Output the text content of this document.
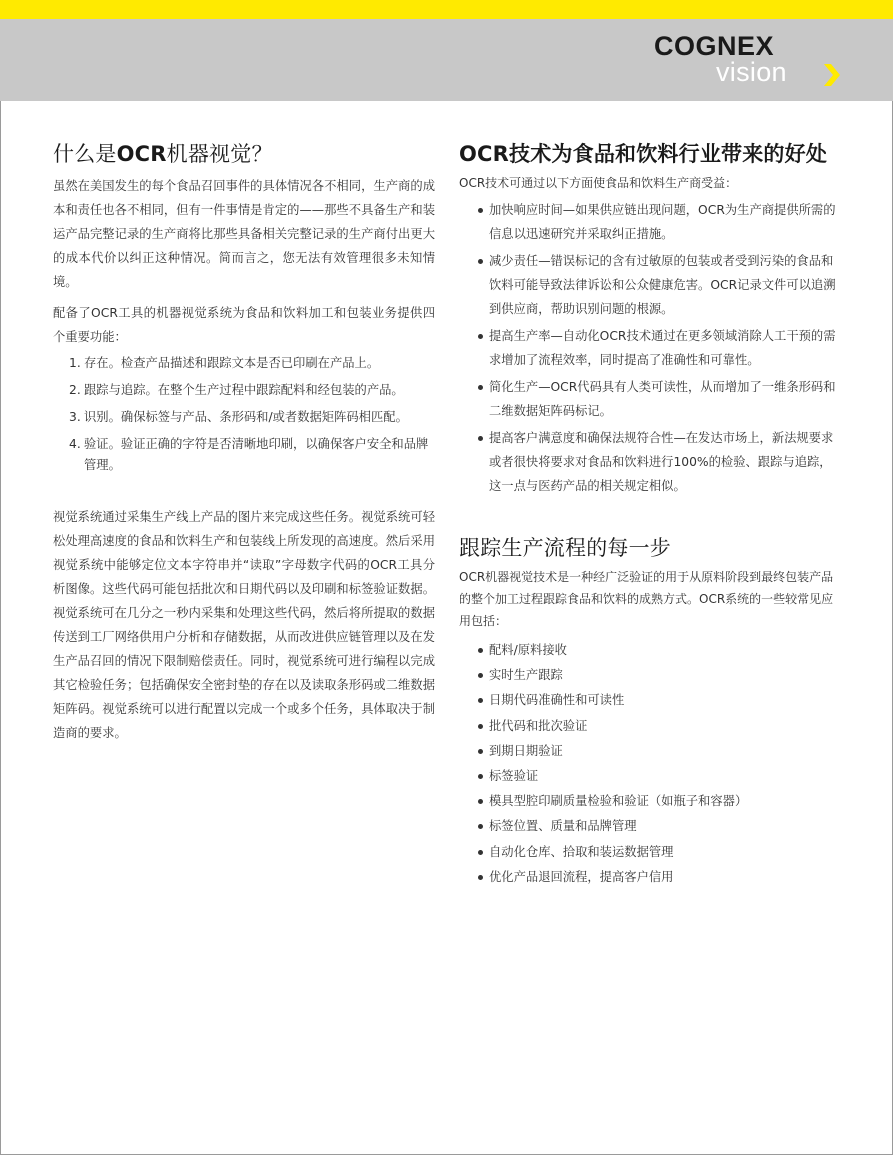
COGNEX
vision
什么是OCR机器视觉？

虽然在美国发生的每个食品召回事件的具体情况各不相同，生产商的成本和责任也各不相同，但有一件事情是肯定的——那些不具备生产和装运产品完整记录的生产商将比那些具备相关完整记录的生产商付出更大的成本代价以纠正这种情况。简而言之，您无法有效管理很多未知情境。

配备了OCR工具的机器视觉系统为食品和饮料加工和包装业务提供四个重要功能：

1. 存在。检查产品描述和跟踪文本是否已印刷在产品上。
2. 跟踪与追踪。在整个生产过程中跟踪配料和经包装的产品。
3. 识别。确保标签与产品、条形码和/或者数据矩阵码相匹配。
4. 验证。验证正确的字符是否清晰地印刷，以确保客户安全和品牌管理。

视觉系统通过采集生产线上产品的图片来完成这些任务。视觉系统可轻松处理高速度的食品和饮料生产和包装线上所发现的高速度。然后采用视觉系统中能够定位文本字符串并“读取”字母数字代码的OCR工具分析图像。这些代码可能包括批次和日期代码以及印刷和标签验证数据。视觉系统可在几分之一秒内采集和处理这些代码，然后将所提取的数据传送到工厂网络供用户分析和存储数据，从而改进供应链管理以及在发生产品召回的情况下限制赔偿责任。同时，视觉系统可进行编程以完成其它检验任务；包括确保安全密封垫的存在以及读取条形码或二维数据矩阵码。视觉系统可以进行配置以完成一个或多个任务，具体取决于制造商的要求。

OCR技术为食品和饮料行业带来的好处

OCR技术可通过以下方面使食品和饮料生产商受益：

加快响应时间—如果供应链出现问题，OCR为生产商提供所需的信息以迅速研究并采取纠正措施。
减少责任—错误标记的含有过敏原的包装或者受到污染的食品和饮料可能导致法律诉讼和公众健康危害。OCR记录文件可以追溯到供应商，帮助识别问题的根源。
提高生产率—自动化OCR技术通过在更多领域消除人工干预的需求增加了流程效率，同时提高了准确性和可靠性。
简化生产—OCR代码具有人类可读性，从而增加了一维条形码和二维数据矩阵码标记。
提高客户满意度和确保法规符合性—在发达市场上，新法规要求或者很快将要求对食品和饮料进行100%的检验、跟踪与追踪，这一点与医药产品的相关规定相似。
跟踪生产流程的每一步

OCR机器视觉技术是一种经广泛验证的用于从原料阶段到最终包装产品的整个加工过程跟踪食品和饮料的成熟方式。OCR系统的一些较常见应用包括：

配料/原料接收
实时生产跟踪
日期代码准确性和可读性
批代码和批次验证
到期日期验证
标签验证
模具型腔印刷质量检验和验证（如瓶子和容器）
标签位置、质量和品牌管理
自动化仓库、拾取和装运数据管理
优化产品退回流程，提高客户信用
